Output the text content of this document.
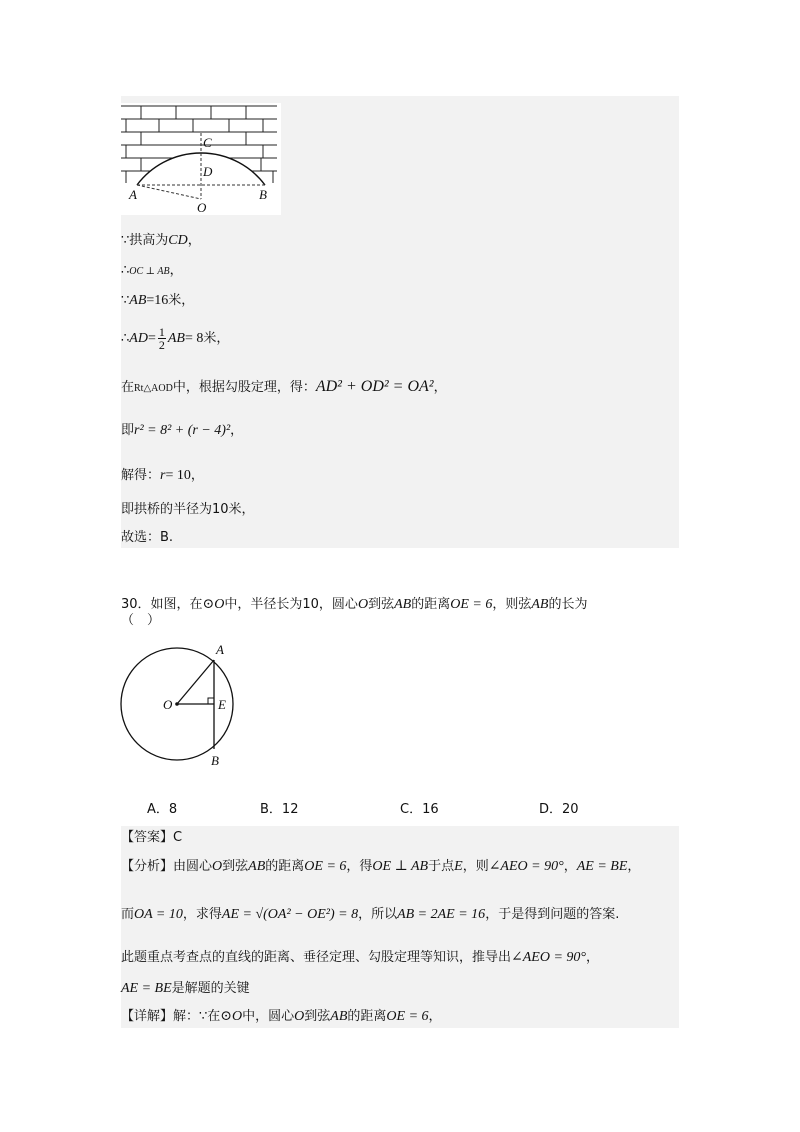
C
D
A	B
O
∵拱高为CD，
∴OC ⊥ AB，
∵AB=16米，
∴AD= $\frac{1}{2} AB= 8$米，
在Rt△AOD中，根据勾股定理，得：AD² + OD² = OA²，
即r² = 8² + (r − 4)²，
解得：r= 10，
即拱桥的半径为10米，
故选：B.
30．如图，在⊙O中，半径长为10，圆心O到弦AB的距离OE = 6，则弦AB的长为
（　）
A
O	E
B
A．8	B．12	C．16	D．20
【答案】C
【分析】由圆心O到弦AB的距离OE = 6，得OE ⊥ AB于点E，则∠AEO = 90°，AE = BE，
而OA = 10，求得AE = √(OA² − OE²) = 8，所以AB = 2AE = 16，于是得到问题的答案.
此题重点考查点的直线的距离、垂径定理、勾股定理等知识，推导出∠AEO = 90°，
AE = BE是解题的关键
【详解】解：∵在⊙O中，圆心O到弦AB的距离OE = 6，
